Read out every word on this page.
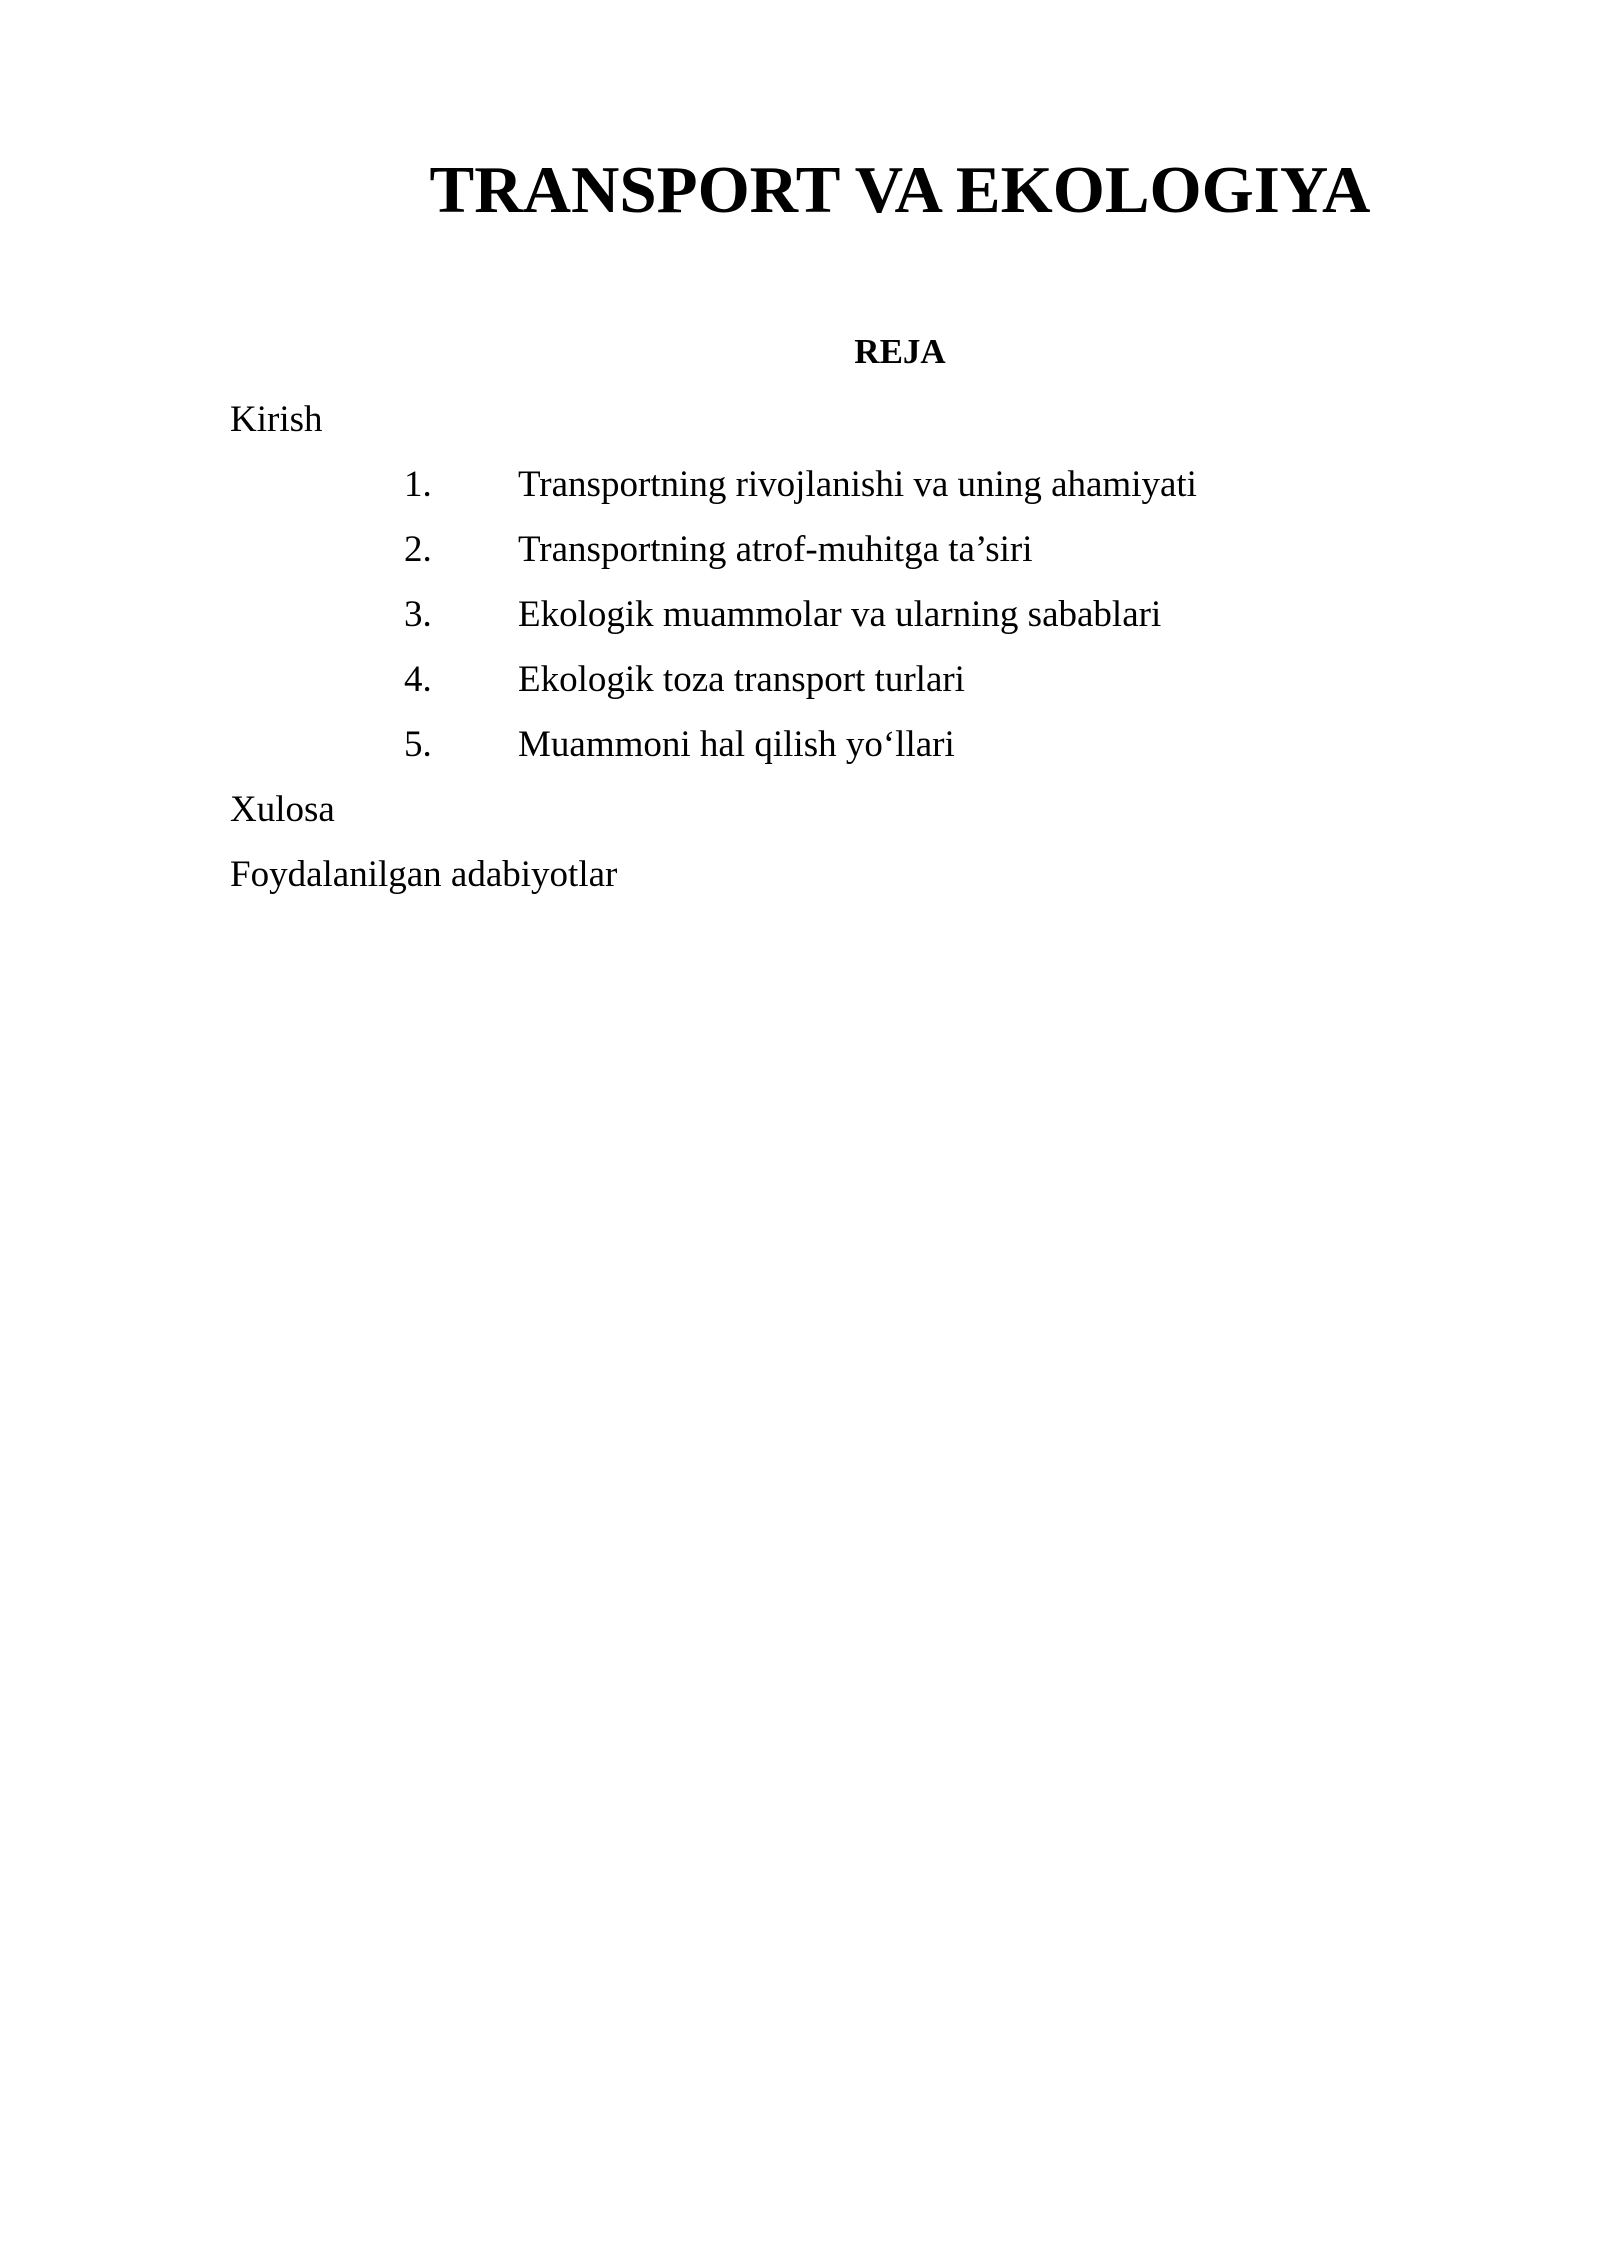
TRANSPORT VA EKOLOGIYA
REJA

Kirish

1. Transportning rivojlanishi va uning ahamiyati
2. Transportning atrof-muhitga ta’siri
3. Ekologik muammolar va ularning sabablari
4. Ekologik toza transport turlari
5. Muammoni hal qilish yo‘llari

Xulosa

Foydalanilgan adabiyotlar
